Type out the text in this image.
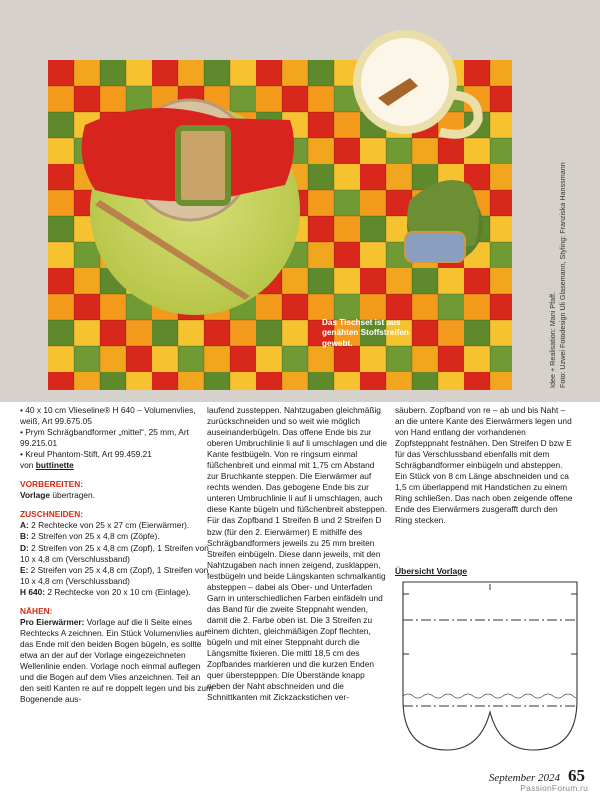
Das Tischset ist aus genähten Stoffstreifen gewebt.	Idee + Realisation: Mani Pfaff. Foto: Uzwei Fotodesign Uli Glasemann, Styling: Franziska Hanssmann

• 40 x 10 cm Vlieseline® H 640 – Volumenvlies, weiß, Art 99.675.05

• Prym Schrägbandformer „mittel“, 25 mm, Art 99.215.01

• Kreul Phantom-Stift, Art 99.459.21

von buttinette

VORBEREITEN:

Vorlage übertragen.

ZUSCHNEIDEN:

A: 2 Rechtecke von 25 x 27 cm (Eierwärmer).

B: 2 Streifen von 25 x 4,8 cm (Zöpfe).

D: 2 Streifen von 25 x 4,8 cm (Zopf), 1 Streifen von 10 x 4,8 cm (Verschlussband)

E: 2 Streifen von 25 x 4,8 cm (Zopf), 1 Streifen von 10 x 4,8 cm (Verschlussband)

H 640: 2 Rechtecke von 20 x 10 cm (Einlage).

NÄHEN:

Pro Eierwärmer: Vorlage auf die li Seite eines Rechtecks A zeichnen. Ein Stück Volumenvlies auf das Ende mit den beiden Bogen bügeln, es sollte etwa an der auf der Vorlage eingezeichneten Wellenlinie enden. Vorlage noch einmal auflegen und die Bogen auf dem Vlies anzeichnen. Teil an den seitl Kanten re auf re doppelt legen und bis zum Bogenende aus-

laufend zussteppen. Nahtzugaben gleichmäßig zurückschneiden und so weit wie möglich auseinanderbügeln. Das offene Ende bis zur oberen Umbruchlinie li auf li umschlagen und die Kante festbügeln. Von re ringsum einmal füßchenbreit und einmal mit 1,75 cm Abstand zur Bruchkante steppen. Die Eierwärmer auf rechts wenden. Das gebogene Ende bis zur unteren Umbruchlinie li auf li umschlagen, auch diese Kante bügeln und füßchenbreit absteppen.

Für das Zopfband 1 Streifen B und 2 Streifen D bzw (für den 2. Eierwärmer) E mithilfe des Schrägbandformers jeweils zu 25 mm breiten Streifen einbügeln. Diese dann jeweils, mit den Nahtzugaben nach innen zeigend, zusklappen, festbügeln und beide Längskanten schmalkantig absteppen – dabei als Ober- und Unterfaden Garn in unterschiedlichen Farben einfädeln und das Band für die zweite Steppnaht wenden, damit die 2. Farbe oben ist. Die 3 Streifen zu einem dichten, gleichmäßigen Zopf flechten, bügeln und mit einer Steppnaht durch die Längsmitte fixieren. Die mittl 18,5 cm des Zopfbandes markieren und die kurzen Enden quer überstepppen. Die Überstände knapp neben der Naht abschneiden und die Schnittkanten mit Zickzackstichen ver-

säubern. Zopfband von re – ab und bis Naht – an die untere Kante des Eierwärmers legen und von Hand entlang der vorhandenen Zopfsteppnaht festnähen. Den Streifen D bzw E für das Verschlussband ebenfalls mit dem Schrägbandformer einbügeln und absteppen. Ein Stück von 8 cm Länge abschneiden und ca 1,5 cm überlappend mit Handstichen zu einem Ring schließen. Das nach oben zeigende offene Ende des Eierwärmers zusgerafft durch den Ring stecken.

Übersicht Vorlage
September 2024 65
PassionForum.ru
